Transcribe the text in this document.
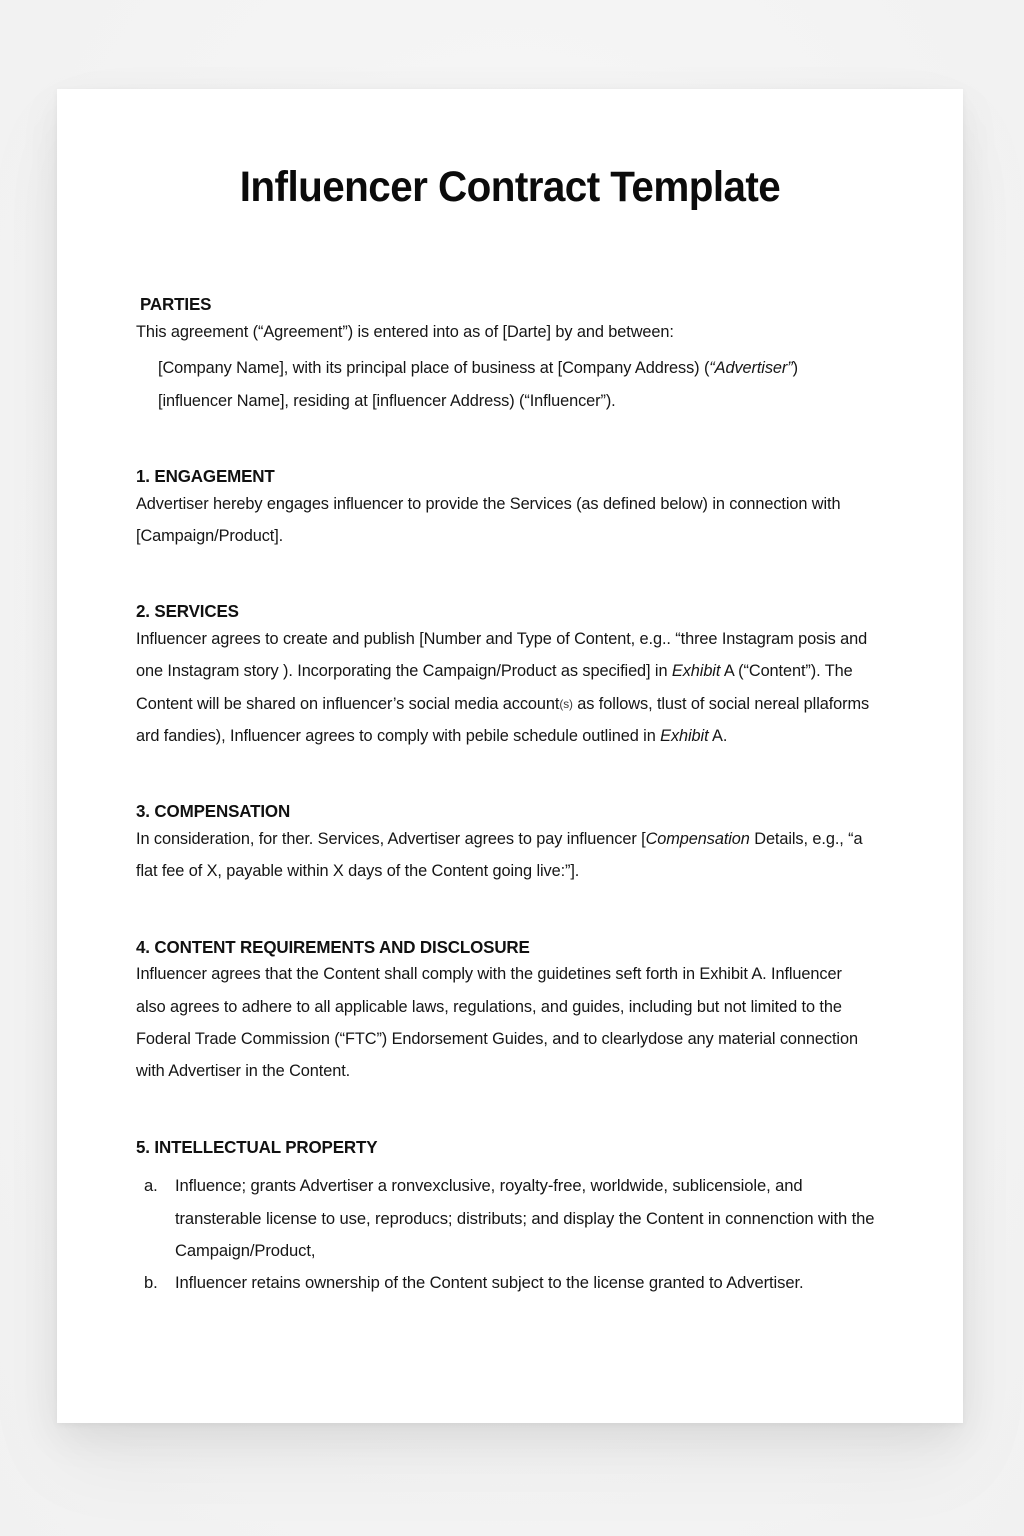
Influencer Contract Template
PARTIES

This agreement (“Agreement”) is entered into as of [Darte] by and between:

[Company Name], with its principal place of business at [Company Address) (“Advertiser”)

[influencer Name], residing at [influencer Address) (“Influencer”).

1. ENGAGEMENT

Advertiser hereby engages influencer to provide the Services (as defined below) in connection with [Campaign/Product].

2. SERVICES

Influencer agrees to create and publish [Number and Type of Content, e.g.. “three Instagram posis and one Instagram story ). Incorporating the Campaign/Product as specified] in Exhibit A (“Content”). The Content will be shared on influencer’s social media account(s) as follows, tlust of social nereal pllaforms ard fandies), Influencer agrees to comply with pebile schedule outlined in Exhibit A.

3. COMPENSATION

In consideration, for ther. Services, Advertiser agrees to pay influencer [Compensation Details, e.g., “a flat fee of X, payable within X days of the Content going live:”].

4. CONTENT REQUIREMENTS AND DISCLOSURE

Influencer agrees that the Content shall comply with the guidetines seft forth in Exhibit A. Influencer also agrees to adhere to all applicable laws, regulations, and guides, including but not limited to the Foderal Trade Commission (“FTC”) Endorsement Guides, and to clearlydose any material connection with Advertiser in the Content.

5. INTELLECTUAL PROPERTY
a.	Influence; grants Advertiser a ronvexclusive, royalty-free, worldwide, sublicensiole, and transterable license to use, reproducs; distributs; and display the Content in connenction with the Campaign/Product,
b.	Influencer retains ownership of the Content subject to the license granted to Advertiser.
